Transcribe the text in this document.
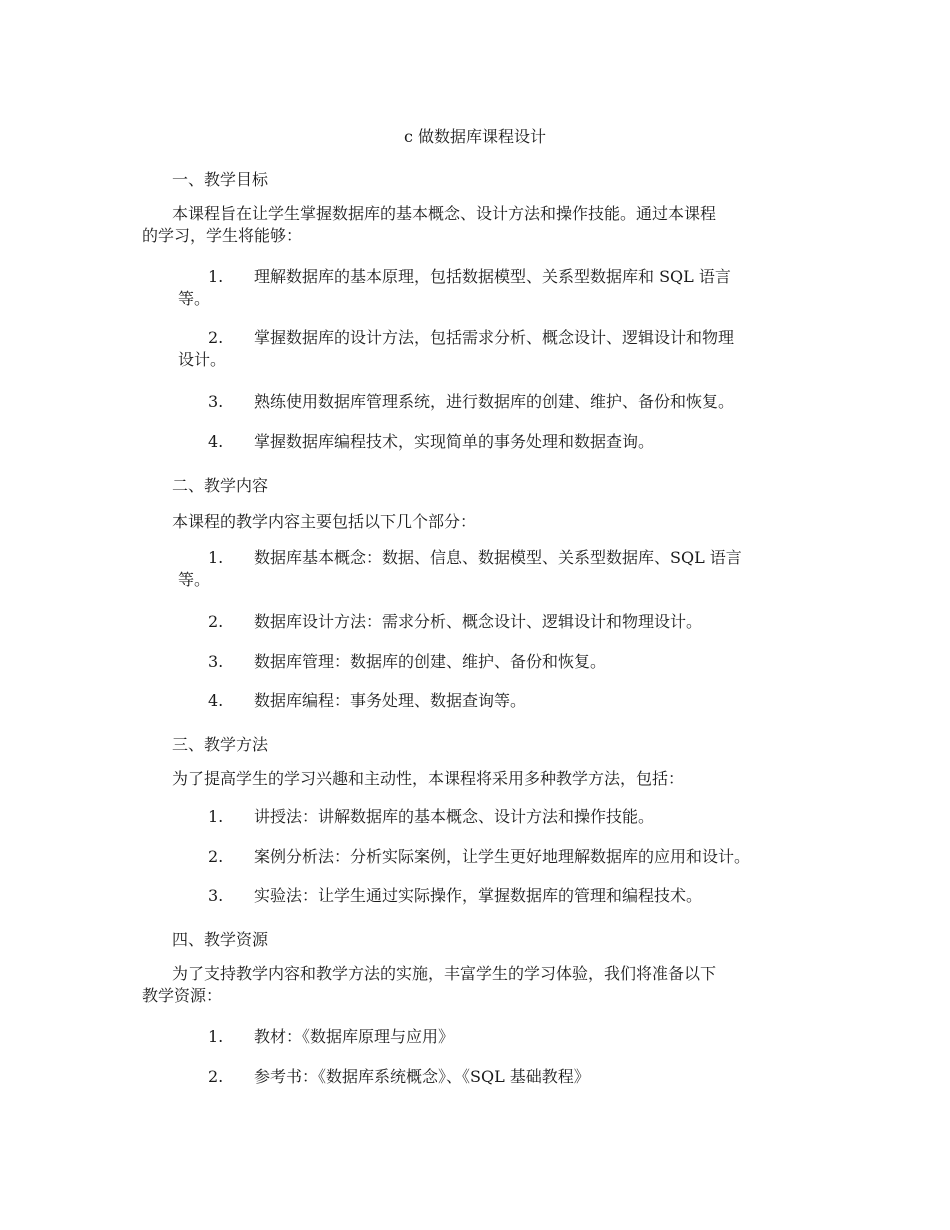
c 做数据库课程设计
一、教学目标
本课程旨在让学生掌握数据库的基本概念、设计方法和操作技能。通过本课程
的学习，学生将能够：
1.	理解数据库的基本原理，包括数据模型、关系型数据库和 SQL 语言
等。
2.	掌握数据库的设计方法，包括需求分析、概念设计、逻辑设计和物理
设计。
3.	熟练使用数据库管理系统，进行数据库的创建、维护、备份和恢复。
4.	掌握数据库编程技术，实现简单的事务处理和数据查询。
二、教学内容
本课程的教学内容主要包括以下几个部分：
1.	数据库基本概念：数据、信息、数据模型、关系型数据库、SQL 语言
等。
2.	数据库设计方法：需求分析、概念设计、逻辑设计和物理设计。
3.	数据库管理：数据库的创建、维护、备份和恢复。
4.	数据库编程：事务处理、数据查询等。
三、教学方法
为了提高学生的学习兴趣和主动性，本课程将采用多种教学方法，包括：
1.	讲授法：讲解数据库的基本概念、设计方法和操作技能。
2.	案例分析法：分析实际案例，让学生更好地理解数据库的应用和设计。
3.	实验法：让学生通过实际操作，掌握数据库的管理和编程技术。
四、教学资源
为了支持教学内容和教学方法的实施，丰富学生的学习体验，我们将准备以下
教学资源：
1.	教材：《数据库原理与应用》
2.	参考书：《数据库系统概念》、《SQL 基础教程》
